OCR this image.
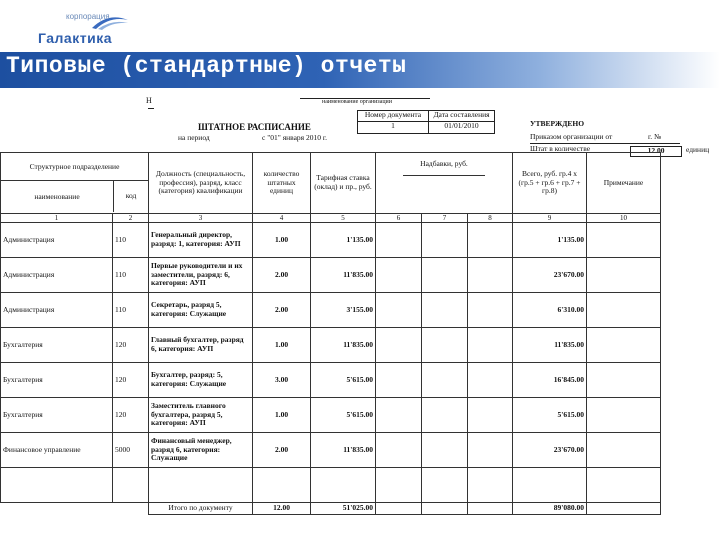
корпорация
Галактика
Типовые (стандартные) отчеты
Н	наименование организации
Номер документа	Дата составления
1	01/01/2010
ШТАТНОЕ РАСПИСАНИЕ
на период	с "01" января 2010 г.
УТВЕРЖДЕНО
Приказом организации от	г. №
Штат в количестве	12.00	единиц
Структурное подразделение
наименование код		Должность (специальность, профессия), разряд, класс (категория) квалификации	количество штатных единиц	Тарифная ставка (оклад) и пр., руб.	Надбавки, руб.			Всего, руб. гр.4 х (гр.5 + гр.6 + гр.7 + гр.8)	Примечание
1	2	3	4	5	6	7	8	9	10
Администрация	110	Генеральный директор, разряд: 1, категория: АУП	1.00	1'135.00				1'135.00	
Администрация	110	Первые руководители и их заместители, разряд: 6, категория: АУП	2.00	11'835.00				23'670.00	
Администрация	110	Секретарь, разряд 5, категория: Служащие	2.00	3'155.00				6'310.00	
Бухгалтерия	120	Главный бухгалтер, разряд 6, категория: АУП	1.00	11'835.00				11'835.00	
Бухгалтерия	120	Бухгалтер, разряд: 5, категория: Служащие	3.00	5'615.00				16'845.00	
Бухгалтерия	120	Заместитель главного бухгалтера, разряд 5, категория: АУП	1.00	5'615.00				5'615.00	
Финансовое управление	5000	Финансовый менеджер, разряд 6, категория: Служащие	2.00	11'835.00				23'670.00	

		Итого по документу	12.00	51'025.00				89'080.00	
